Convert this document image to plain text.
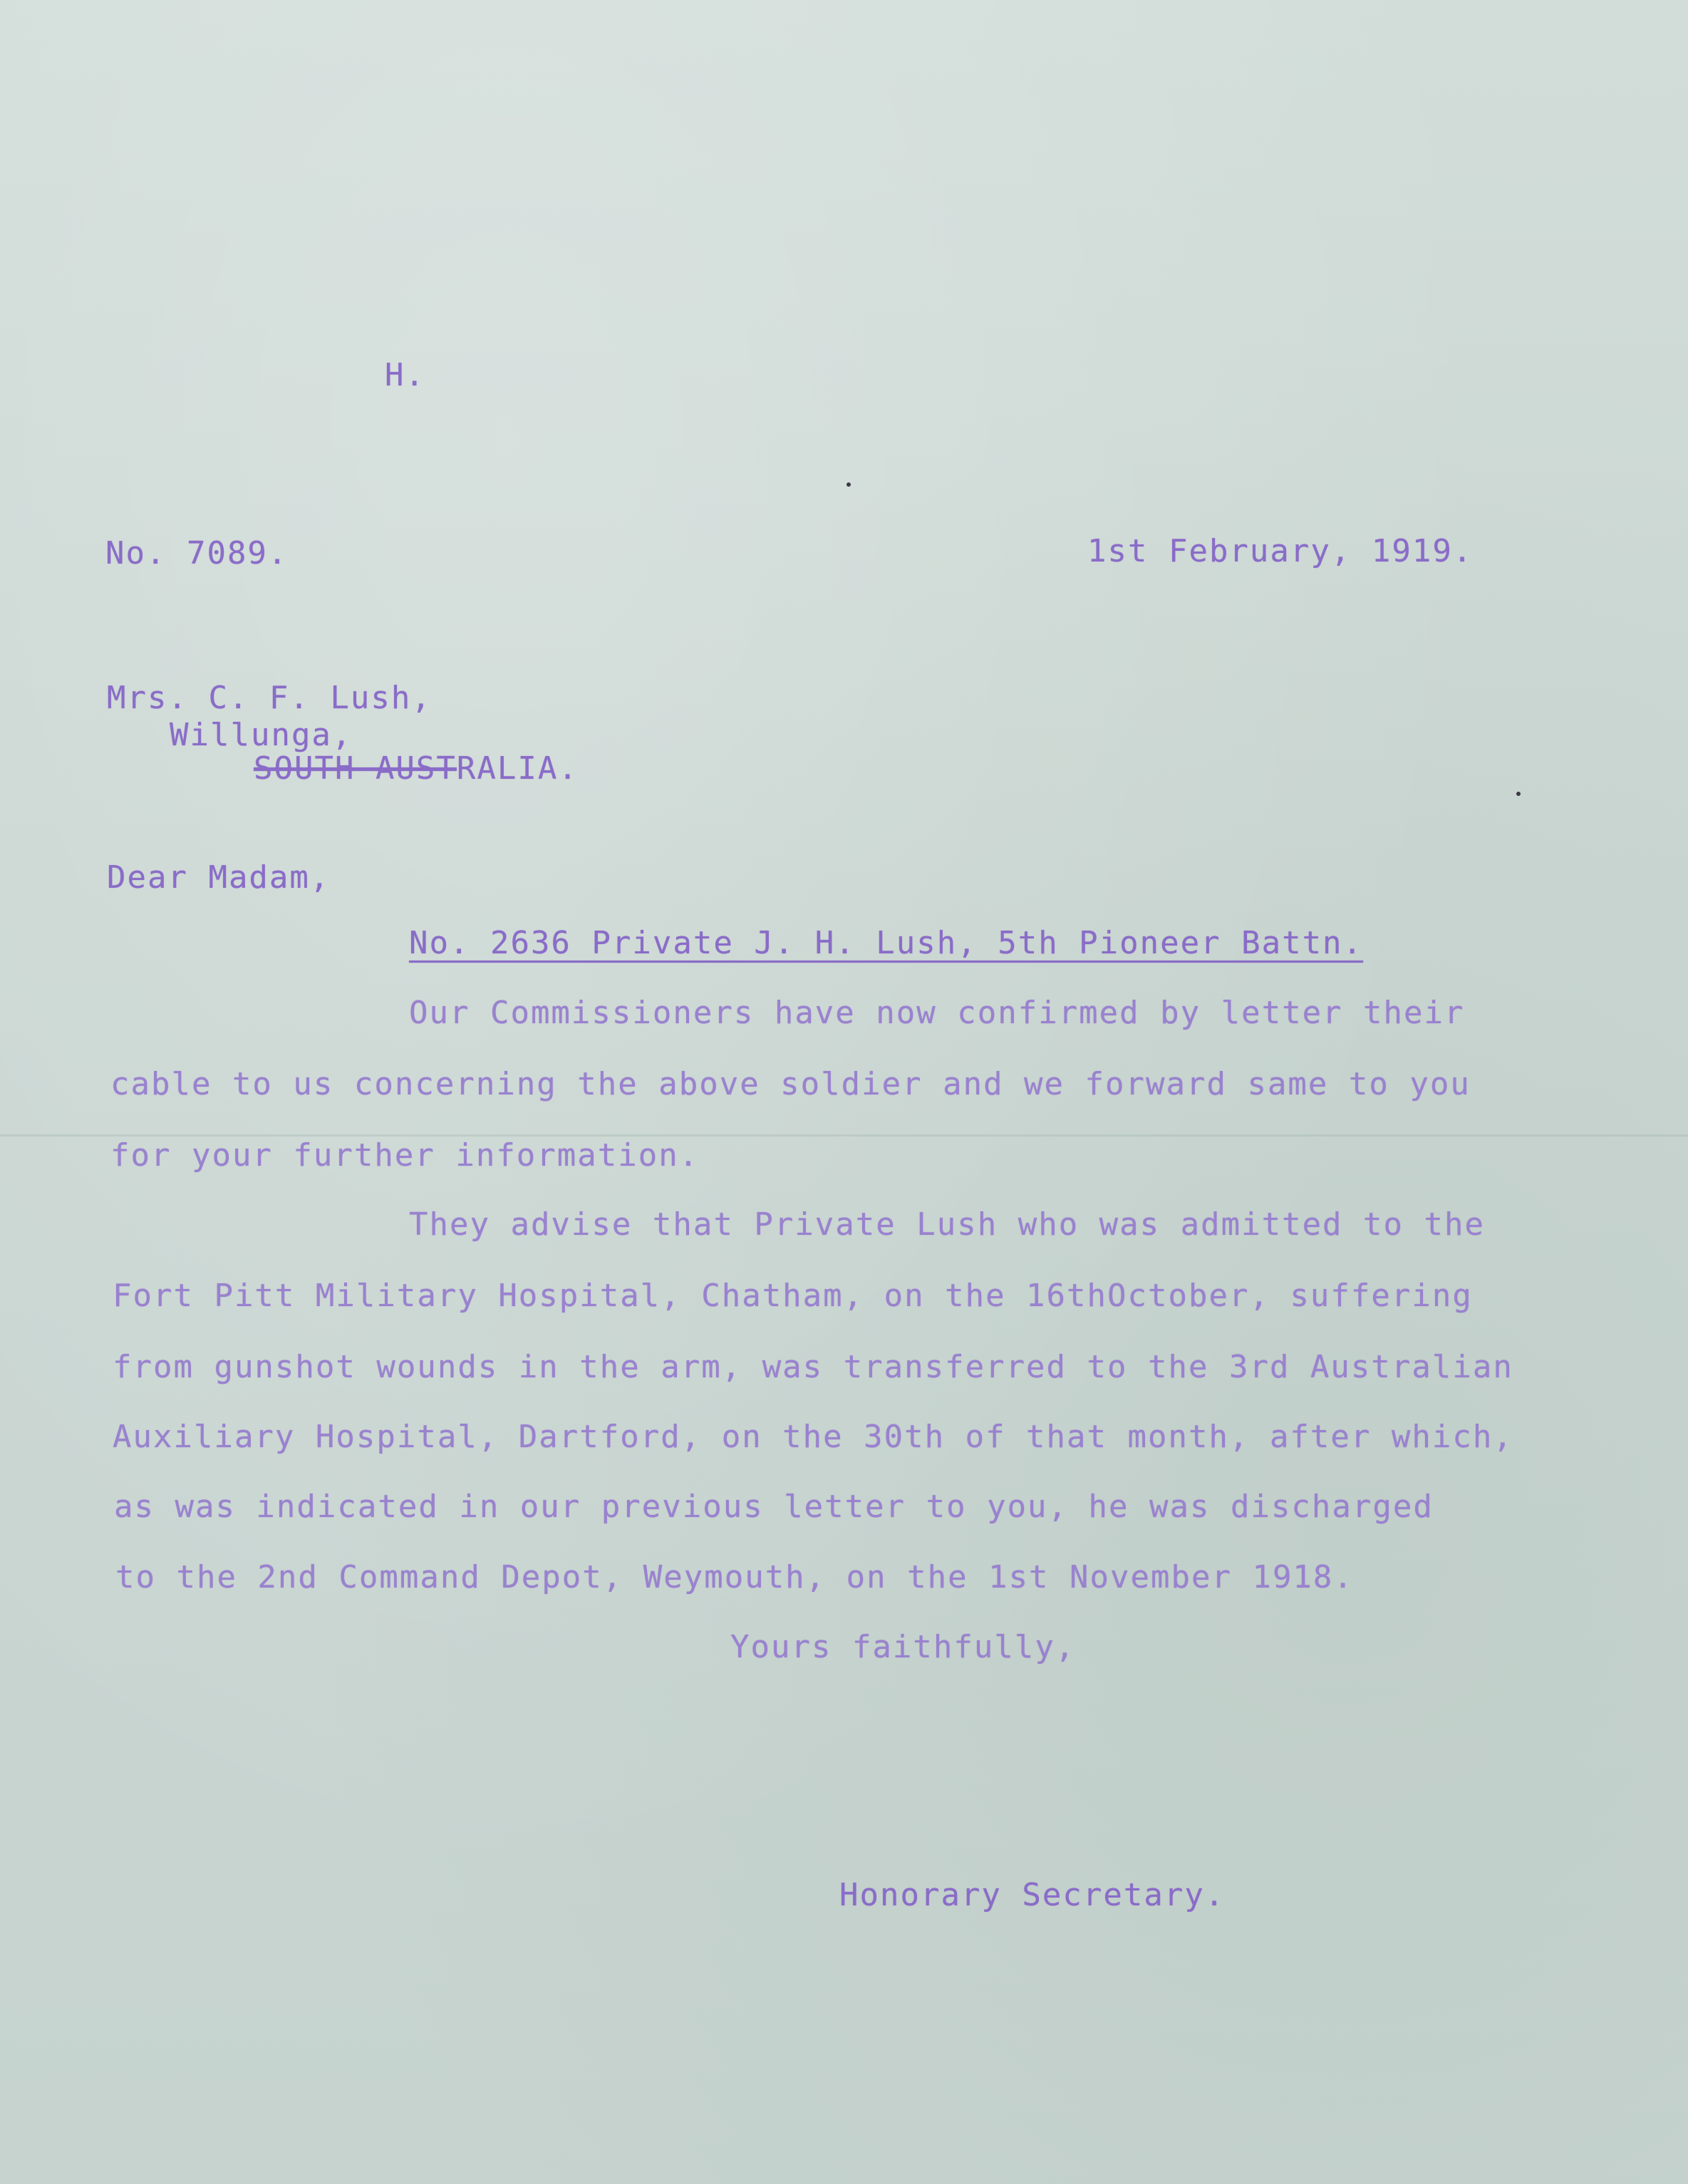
H.
No. 7089.	1st February, 1919.
Mrs. C. F. Lush,
Willunga,
SOUTH AUSTRALIA.
Dear Madam,
No. 2636 Private J. H. Lush, 5th Pioneer Battn.
Our Commissioners have now confirmed by letter their
cable to us concerning the above soldier and we forward same to you
for your further information.
They advise that Private Lush who was admitted to the
Fort Pitt Military Hospital, Chatham, on the 16thOctober, suffering
from gunshot wounds in the arm, was transferred to the 3rd Australian
Auxiliary Hospital, Dartford, on the 30th of that month, after which,
as was indicated in our previous letter to you, he was discharged
to the 2nd Command Depot, Weymouth, on the 1st November 1918.
Yours faithfully,
Honorary Secretary.
